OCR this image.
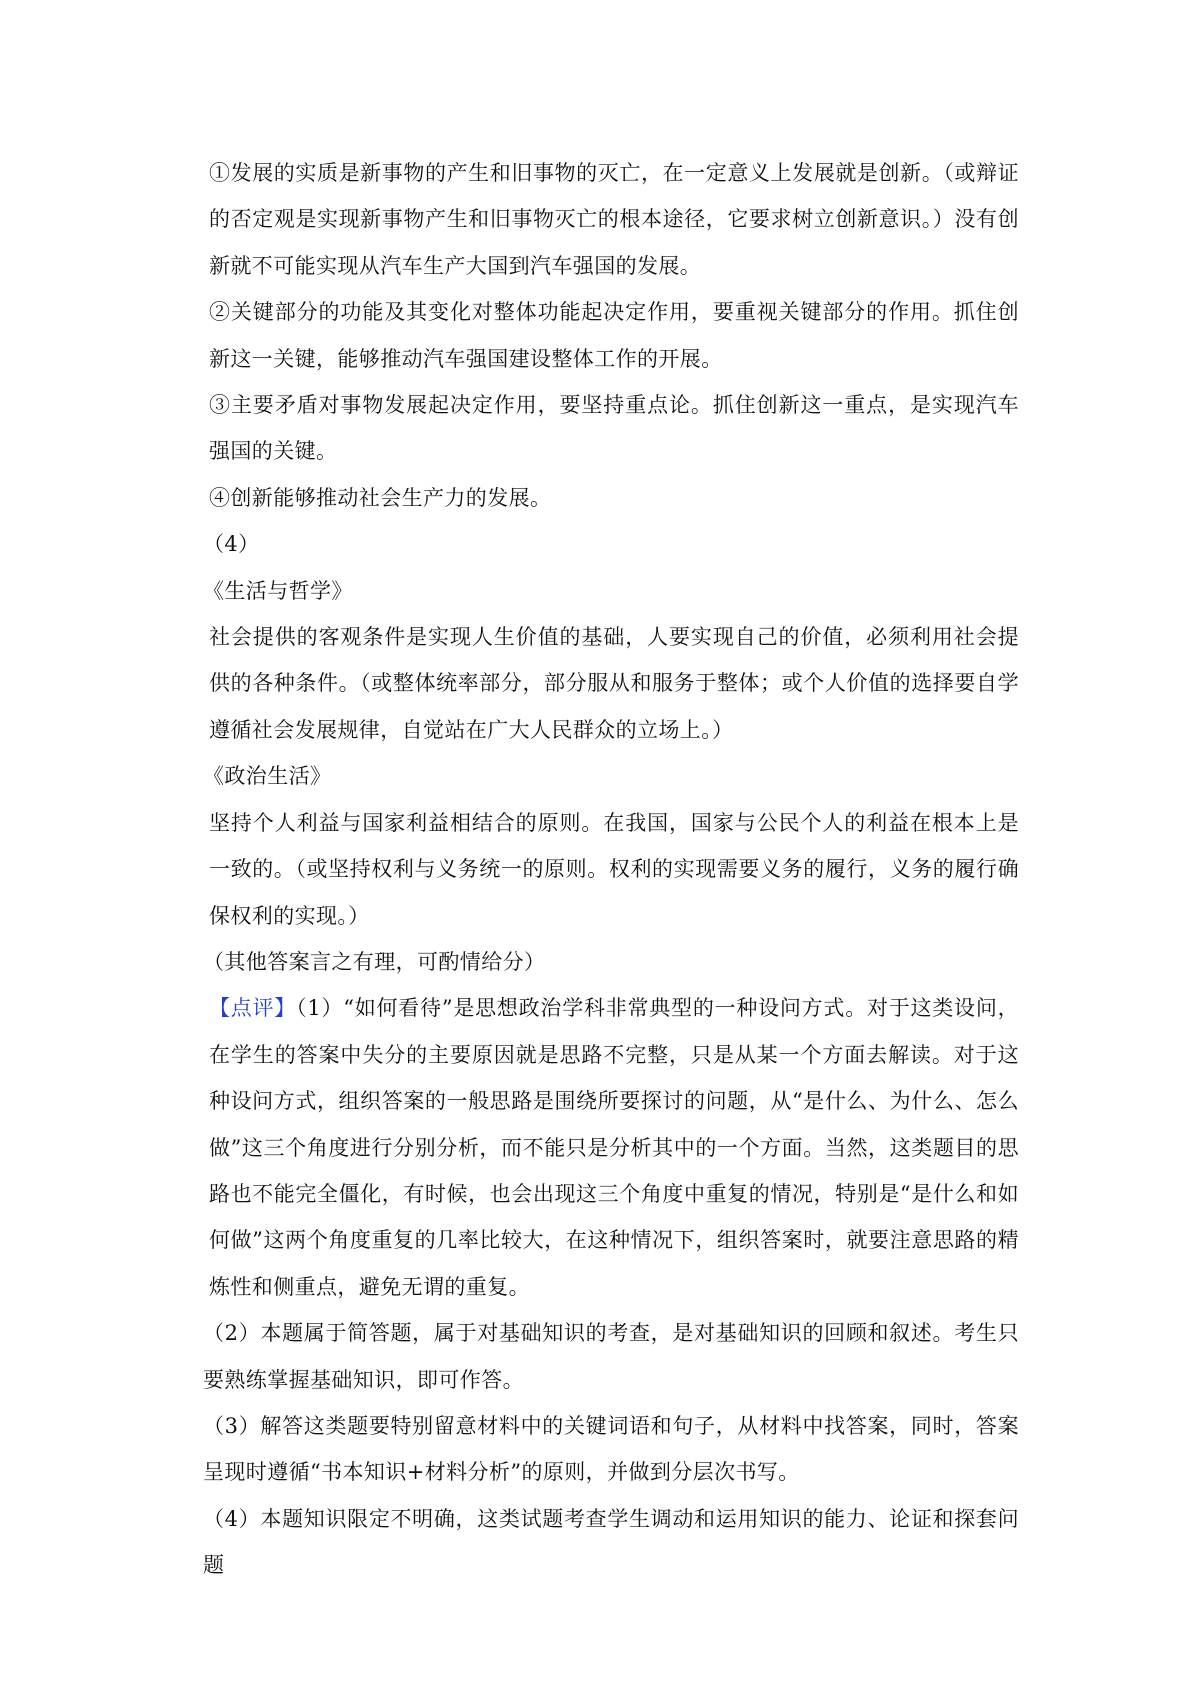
①发展的实质是新事物的产生和旧事物的灭亡，在一定意义上发展就是创新。（或辩证的否定观是实现新事物产生和旧事物灭亡的根本途径，它要求树立创新意识。）没有创新就不可能实现从汽车生产大国到汽车强国的发展。

②关键部分的功能及其变化对整体功能起决定作用，要重视关键部分的作用。抓住创新这一关键，能够推动汽车强国建设整体工作的开展。

③主要矛盾对事物发展起决定作用，要坚持重点论。抓住创新这一重点，是实现汽车强国的关键。

④创新能够推动社会生产力的发展。

（4）

《生活与哲学》

社会提供的客观条件是实现人生价值的基础，人要实现自己的价值，必须利用社会提供的各种条件。（或整体统率部分，部分服从和服务于整体；或个人价值的选择要自学遵循社会发展规律，自觉站在广大人民群众的立场上。）

《政治生活》

坚持个人利益与国家利益相结合的原则。在我国，国家与公民个人的利益在根本上是一致的。（或坚持权利与义务统一的原则。权利的实现需要义务的履行，义务的履行确保权利的实现。）

（其他答案言之有理，可酌情给分）

【点评】（1）“如何看待”是思想政治学科非常典型的一种设问方式。对于这类设问，在学生的答案中失分的主要原因就是思路不完整，只是从某一个方面去解读。对于这种设问方式，组织答案的一般思路是围绕所要探讨的问题，从“是什么、为什么、怎么做”这三个角度进行分别分析，而不能只是分析其中的一个方面。当然，这类题目的思路也不能完全僵化，有时候，也会出现这三个角度中重复的情况，特别是“是什么和如何做”这两个角度重复的几率比较大，在这种情况下，组织答案时，就要注意思路的精炼性和侧重点，避免无谓的重复。

（2）本题属于简答题，属于对基础知识的考查，是对基础知识的回顾和叙述。考生只要熟练掌握基础知识，即可作答。

（3）解答这类题要特别留意材料中的关键词语和句子，从材料中找答案，同时，答案呈现时遵循“书本知识+材料分析”的原则，并做到分层次书写。

（4）本题知识限定不明确，这类试题考查学生调动和运用知识的能力、论证和探套问题
